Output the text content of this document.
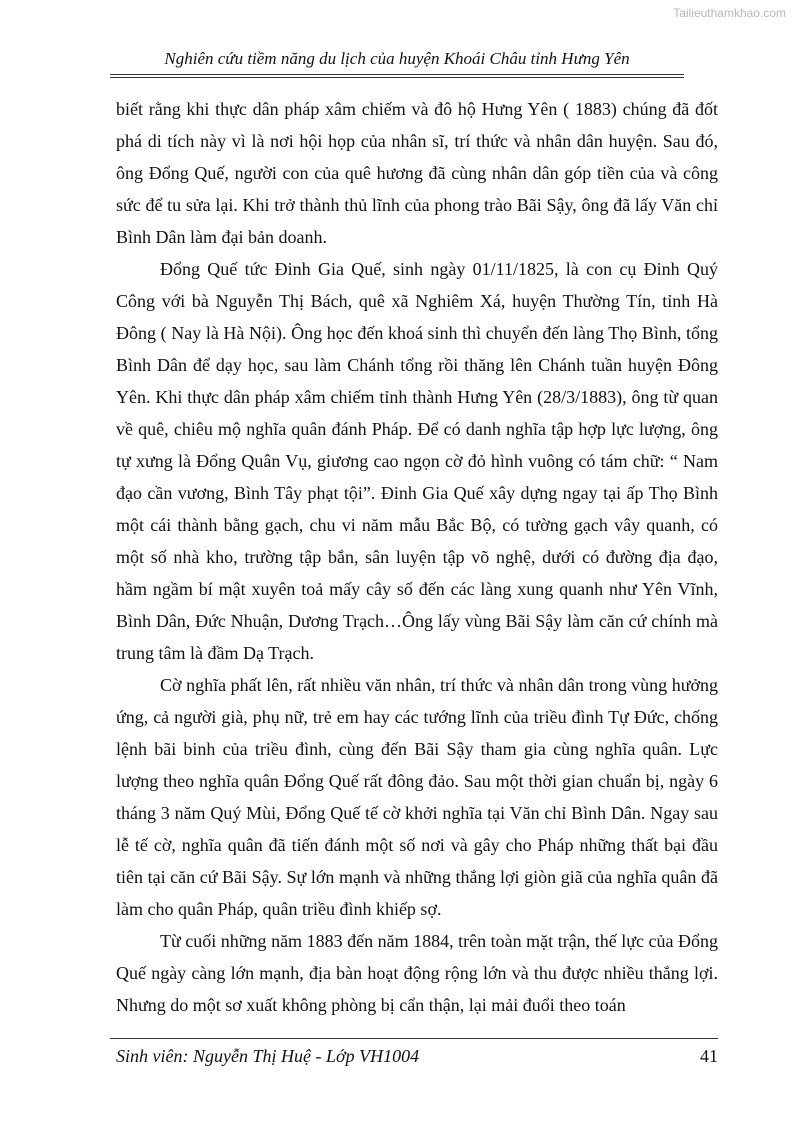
Tailieuthamkhao.com
Nghiên cứu tiềm năng du lịch của huyện Khoái Châu tỉnh Hưng Yên

biết rằng khi thực dân pháp xâm chiếm và đô hộ Hưng Yên ( 1883) chúng đã đốt phá di tích này vì là nơi hội họp của nhân sĩ, trí thức và nhân dân huyện. Sau đó, ông Đổng Quế, người con của quê hương đã cùng nhân dân góp tiền của và công sức để tu sửa lại. Khi trở thành thủ lĩnh của phong trào Bãi Sậy, ông đã lấy Văn chỉ Bình Dân làm đại bản doanh.

Đổng Quế tức Đinh Gia Quế, sinh ngày 01/11/1825, là con cụ Đinh Quý Công với bà Nguyễn Thị Bách, quê xã Nghiêm Xá, huyện Thường Tín, tỉnh Hà Đông ( Nay là Hà Nội). Ông học đến khoá sinh thì chuyển đến làng Thọ Bình, tổng Bình Dân để dạy học, sau làm Chánh tổng rồi thăng lên Chánh tuần huyện Đông Yên. Khi thực dân pháp xâm chiếm tỉnh thành Hưng Yên (28/3/1883), ông từ quan về quê, chiêu mộ nghĩa quân đánh Pháp. Để có danh nghĩa tập hợp lực lượng, ông tự xưng là Đổng Quân Vụ, giương cao ngọn cờ đỏ hình vuông có tám chữ: “ Nam đạo cần vương, Bình Tây phạt tội”. Đinh Gia Quế xây dựng ngay tại ấp Thọ Bình một cái thành bằng gạch, chu vi năm mẫu Bắc Bộ, có tường gạch vây quanh, có một số nhà kho, trường tập bắn, sân luyện tập võ nghệ, dưới có đường địa đạo, hầm ngầm bí mật xuyên toả mấy cây số đến các làng xung quanh như Yên Vĩnh, Bình Dân, Đức Nhuận, Dương Trạch…Ông lấy vùng Bãi Sậy làm căn cứ chính mà trung tâm là đầm Dạ Trạch.

Cờ nghĩa phất lên, rất nhiều văn nhân, trí thức và nhân dân trong vùng hưởng ứng, cả người già, phụ nữ, trẻ em hay các tướng lĩnh của triều đình Tự Đức, chống lệnh bãi binh của triều đình, cùng đến Bãi Sậy tham gia cùng nghĩa quân. Lực lượng theo nghĩa quân Đổng Quế rất đông đảo. Sau một thời gian chuẩn bị, ngày 6 tháng 3 năm Quý Mùi, Đổng Quế tế cờ khởi nghĩa tại Văn chỉ Bình Dân. Ngay sau lễ tế cờ, nghĩa quân đã tiến đánh một số nơi và gây cho Pháp những thất bại đầu tiên tại căn cứ Bãi Sậy. Sự lớn mạnh và những thắng lợi giòn giã của nghĩa quân đã làm cho quân Pháp, quân triều đình khiếp sợ.

Từ cuối những năm 1883 đến năm 1884, trên toàn mặt trận, thế lực của Đổng Quế ngày càng lớn mạnh, địa bàn hoạt động rộng lớn và thu được nhiều thắng lợi. Nhưng do một sơ xuất không phòng bị cẩn thận, lại mải đuổi theo toán

Sinh viên: Nguyễn Thị Huệ - Lớp VH1004	41
